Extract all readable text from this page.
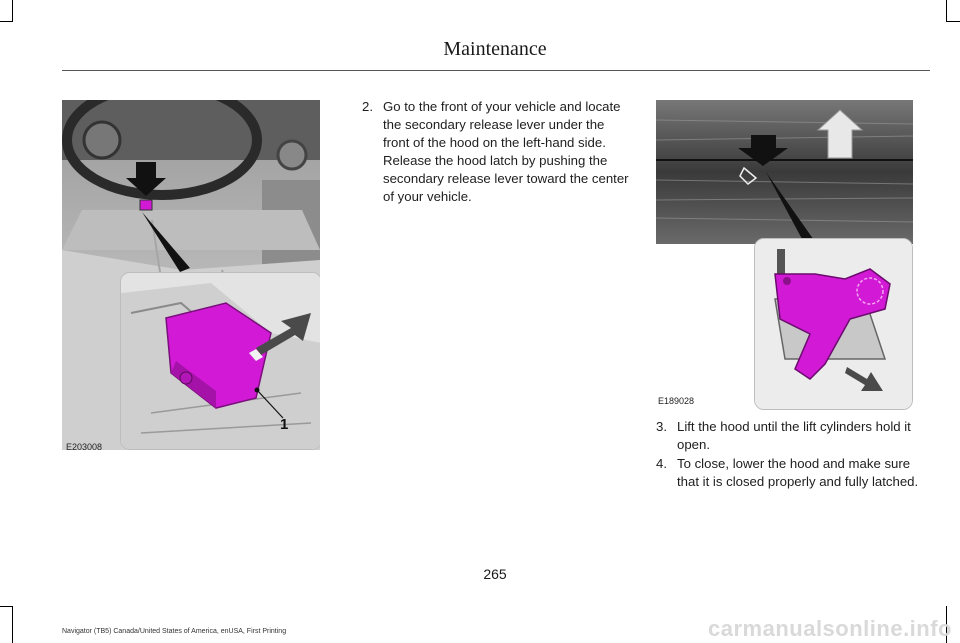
Maintenance
1
E203008
2. Go to the front of your vehicle and locate the secondary release lever under the front of the hood on the left-hand side. Release the hood latch by pushing the secondary release lever toward the center of your vehicle.
E189028
3. Lift the hood until the lift cylinders hold it open.
4. To close, lower the hood and make sure that it is closed properly and fully latched.
265
Navigator (TB5) Canada/United States of America, enUSA, First Printing	carmanualsonline.info
